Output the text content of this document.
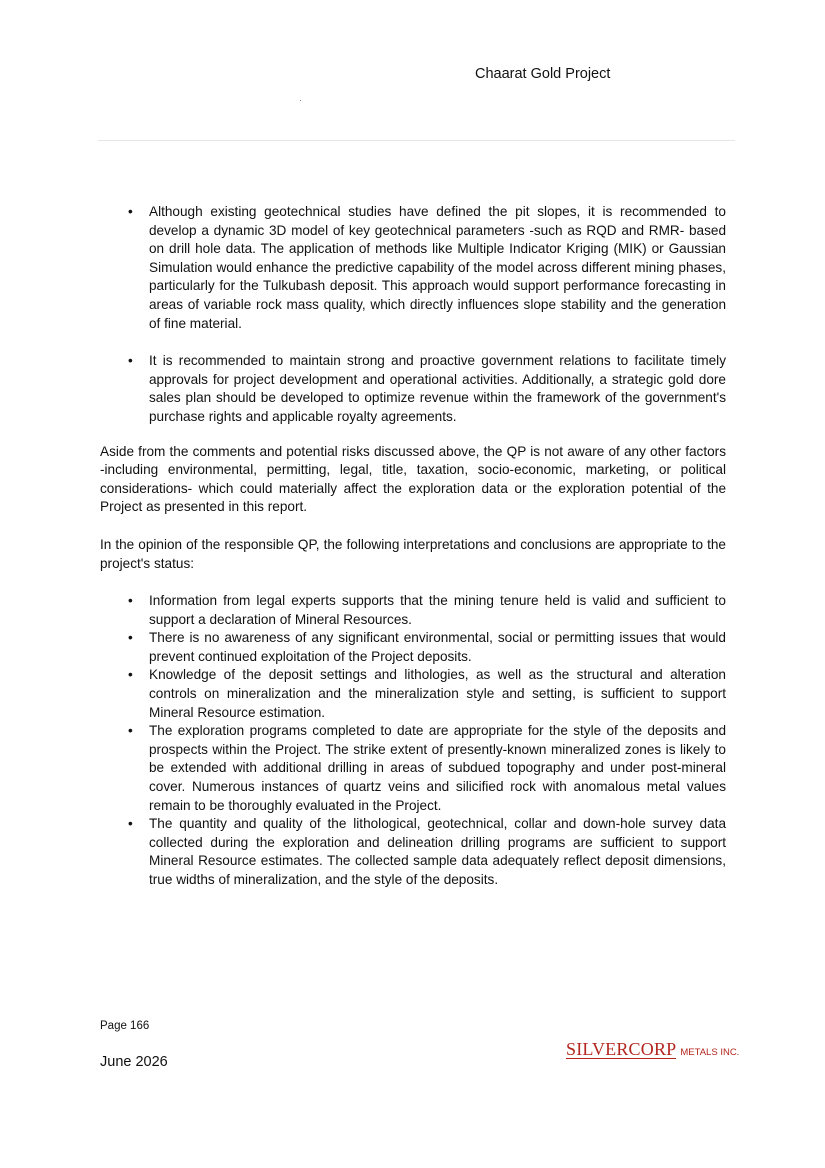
Chaarat Gold Project
• Although existing geotechnical studies have defined the pit slopes, it is recommended to develop a dynamic 3D model of key geotechnical parameters -such as RQD and RMR- based on drill hole data. The application of methods like Multiple Indicator Kriging (MIK) or Gaussian Simulation would enhance the predictive capability of the model across different mining phases, particularly for the Tulkubash deposit. This approach would support performance forecasting in areas of variable rock mass quality, which directly influences slope stability and the generation of fine material.
• It is recommended to maintain strong and proactive government relations to facilitate timely approvals for project development and operational activities. Additionally, a strategic gold dore sales plan should be developed to optimize revenue within the framework of the government's purchase rights and applicable royalty agreements.

Aside from the comments and potential risks discussed above, the QP is not aware of any other factors -including environmental, permitting, legal, title, taxation, socio-economic, marketing, or political considerations- which could materially affect the exploration data or the exploration potential of the Project as presented in this report.

In the opinion of the responsible QP, the following interpretations and conclusions are appropriate to the project's status:

• Information from legal experts supports that the mining tenure held is valid and sufficient to support a declaration of Mineral Resources.
• There is no awareness of any significant environmental, social or permitting issues that would prevent continued exploitation of the Project deposits.
• Knowledge of the deposit settings and lithologies, as well as the structural and alteration controls on mineralization and the mineralization style and setting, is sufficient to support Mineral Resource estimation.
• The exploration programs completed to date are appropriate for the style of the deposits and prospects within the Project. The strike extent of presently-known mineralized zones is likely to be extended with additional drilling in areas of subdued topography and under post-mineral cover. Numerous instances of quartz veins and silicified rock with anomalous metal values remain to be thoroughly evaluated in the Project.
• The quantity and quality of the lithological, geotechnical, collar and down-hole survey data collected during the exploration and delineation drilling programs are sufficient to support Mineral Resource estimates. The collected sample data adequately reflect deposit dimensions, true widths of mineralization, and the style of the deposits.
Page 166
June 2026
SILVERCORP METALS INC.
